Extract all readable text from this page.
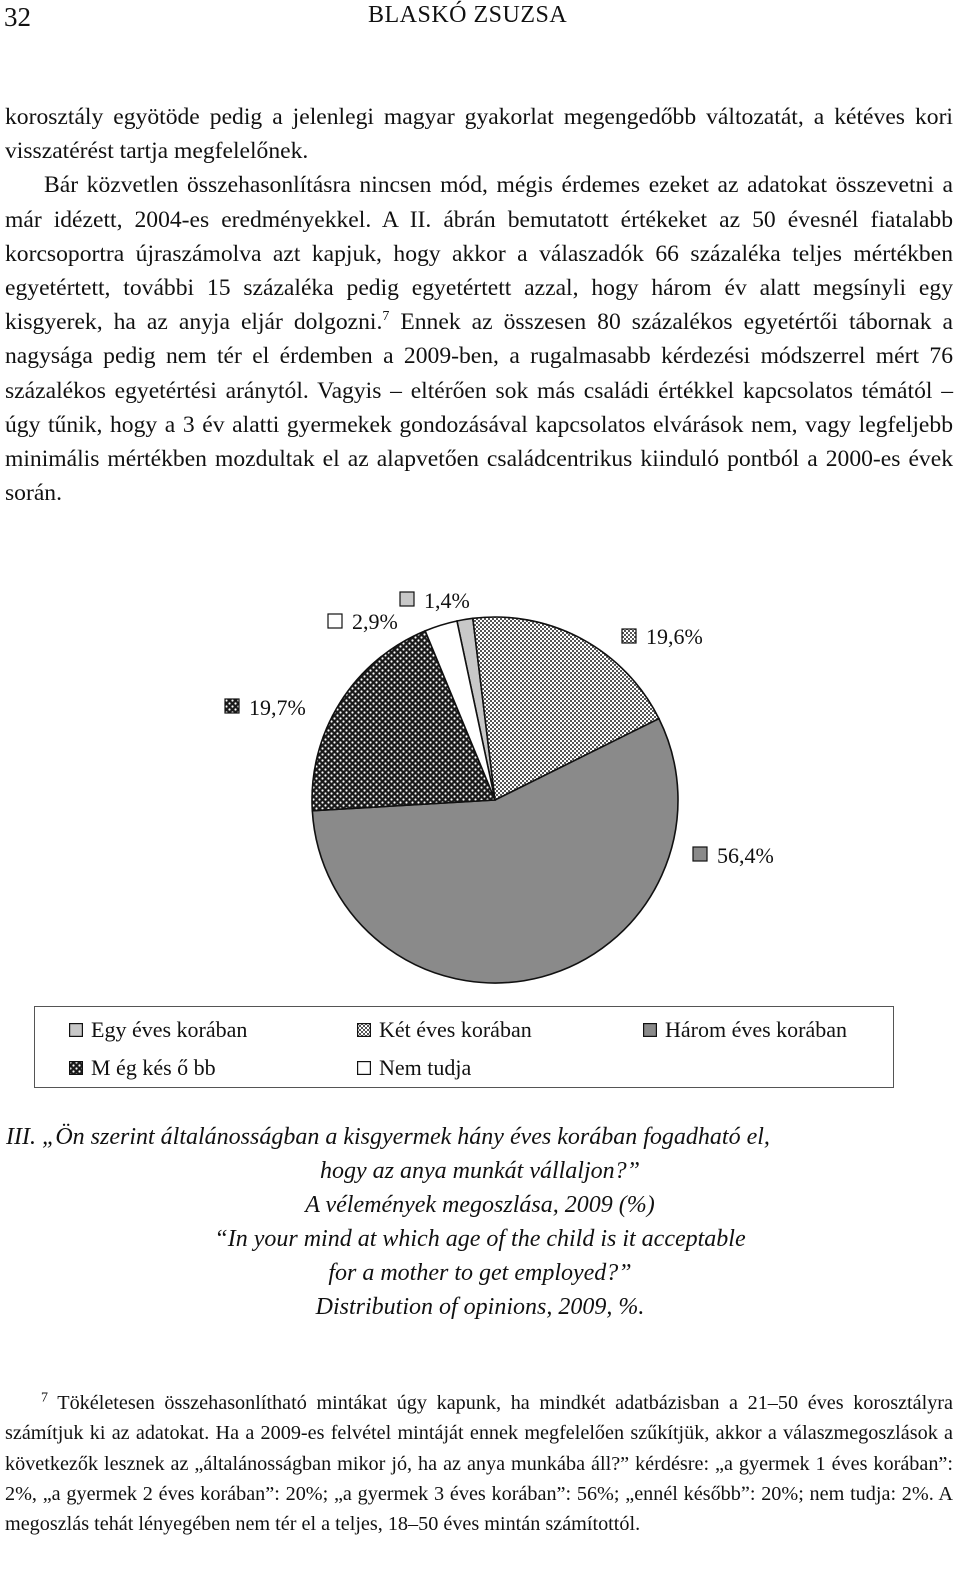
32	BLASKÓ ZSUZSA

korosztály egyötöde pedig a jelenlegi magyar gyakorlat megengedőbb változatát, a kétéves kori visszatérést tartja megfelelőnek.

Bár közvetlen összehasonlításra nincsen mód, mégis érdemes ezeket az adatokat összevetni a már idézett, 2004-es eredményekkel. A II. ábrán bemutatott értékeket az 50 évesnél fiatalabb korcsoportra újraszámolva azt kapjuk, hogy akkor a válaszadók 66 százaléka teljes mértékben egyetértett, további 15 százaléka pedig egyetértett azzal, hogy három év alatt megsínyli egy kisgyerek, ha az anyja eljár dolgozni.$^7$ Ennek az összesen 80 százalékos egyetértői tábornak a nagysága pedig nem tér el érdemben a 2009-ben, a rugalmasabb kérdezési módszerrel mért 76 százalékos egyetértési aránytól. Vagyis – eltérően sok más családi értékkel kapcsolatos témától – úgy tűnik, hogy a 3 év alatti gyermekek gondozásával kapcsolatos elvárások nem, vagy legfeljebb minimális mértékben mozdultak el az alapvetően családcentrikus kiinduló pontból a 2000-es évek során.

1,4%
2,9%
19,6%
19,7%
56,4%
Egy éves korában	Két éves korában	Három éves korában
M ég kés ő bb	Nem tudja
III. „Ön szerint általánosságban a kisgyermek hány éves korában fogadható el,
hogy az anya munkát vállaljon?”
A vélemények megoszlása, 2009 (%)
“In your mind at which age of the child is it acceptable
for a mother to get employed?”
Distribution of opinions, 2009, %.

$^7$ Tökéletesen összehasonlítható mintákat úgy kapunk, ha mindkét adatbázisban a 21–50 éves korosztályra számítjuk ki az adatokat. Ha a 2009-es felvétel mintáját ennek megfelelően szűkítjük, akkor a válaszmegoszlások a következők lesznek az „általánosságban mikor jó, ha az anya munkába áll?” kérdésre: „a gyermek 1 éves korában”: 2%, „a gyermek 2 éves korában”: 20%; „a gyermek 3 éves korában”: 56%; „ennél későbbˮ: 20%; nem tudja: 2%. A megoszlás tehát lényegében nem tér el a teljes, 18–50 éves mintán számítottól.
